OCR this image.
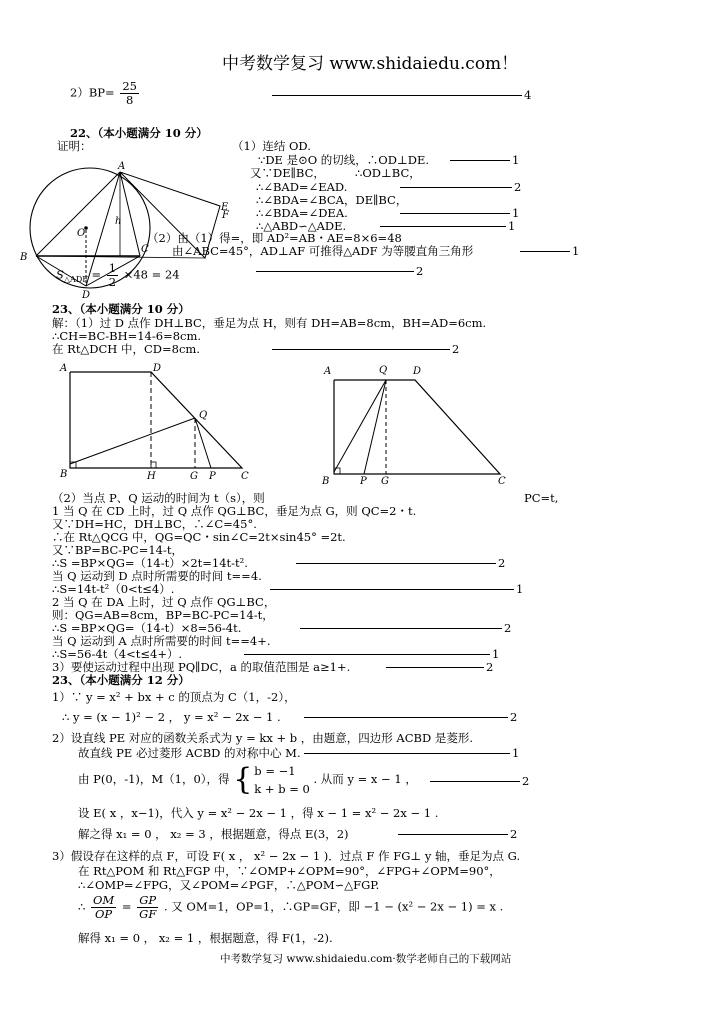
中考数学复习 www.shidaiedu.com！
$2)BP= \frac{25}{8}$	4
22、（本小题满分 10 分）
证明：	（1）连结 OD.
∵DE 是⊙O 的切线，∴OD⊥DE.	1
又∵DE∥BC，	∴OD⊥BC，
∴∠BAD=∠EAD.	2
∴∠BDA=∠BCA，DE∥BC，
∴∠BDA=∠DEA.	1
∴△ABD∽△ADE.	1
（2）由（1）得=，即 AD²=AB・AE=8×6=48
由∠ABC=45°，AD⊥AF 可推得△ADF 为等腰直角三角形	1
A
B
C
D
E
F
O
h
$S_{\triangle ADF} = \frac{1}{2} \times 48 = 24$	2
23、（本小题满分 10 分）
解：（1）过 D 点作 DH⊥BC，垂足为点 H，则有 DH=AB=8cm，BH=AD=6cm.
∴CH=BC-BH=14-6=8cm.
在 Rt△DCH 中，CD=8cm.	2
A	D
Q
B	H	G P	C
A	Q	D
B	P G	C
（2）当点 P、Q 运动的时间为 t（s），则	PC=t,
1 当 Q 在 CD 上时，过 Q 点作 QG⊥BC，垂足为点 G，则 QC=2・t.
又∵DH=HC，DH⊥BC，∴∠C=45°.
∴在 Rt△QCG 中，QG=QC・sin∠C=2t×sin45° =2t.
又∵BP=BC-PC=14-t，
∴S =BP×QG=（14-t）×2t=14t-t².	2
当 Q 运动到 D 点时所需要的时间 t==4.
∴S=14t-t²（0<t≤4）.	1
2 当 Q 在 DA 上时，过 Q 点作 QG⊥BC，
则：QG=AB=8cm，BP=BC-PC=14-t，
∴S =BP×QG=（14-t）×8=56-4t.	2
当 Q 运动到 A 点时所需要的时间 t==4+.
∴S=56-4t（4<t≤4+）.	1
3）要使运动过程中出现 PQ∥DC，a 的取值范围是 a≥1+.	2
23、（本小题满分 12 分）
1）∵ y = x² + bx + c 的顶点为 C（1，-2），
∴ y = (x − 1)² − 2 ， y = x² − 2x − 1 .	2
2）设直线 PE 对应的函数关系式为 y = kx + b ，由题意，四边形 ACBD 是菱形.
故直线 PE 必过菱形 ACBD 的对称中心 M.	1
由 P(0，-1)，M（1，0），得 { b = −1
k + b = 0
. 从而 y = x − 1 ，	2
设 E( x ，x−1)，代入 y = x² − 2x − 1 ，得 x − 1 = x² − 2x − 1 .
解之得 x₁ = 0 ， x₂ = 3 ，根据题意，得点 E(3，2)	2
3）假设存在这样的点 F，可设 F( x ， x² − 2x − 1 )．过点 F 作 FG⊥ y 轴，垂足为点 G.
在 Rt△POM 和 Rt△FGP 中，∵∠OMP+∠OPM=90°，∠FPG+∠OPM=90°，
∴∠OMP=∠FPG，又∠POM=∠PGF，∴△POM∽△FGP.
∴ $\frac{OM}{OP} = \frac{GP}{GF}$ . 又 OM=1，OP=1，∴GP=GF，即 −1 − (x² − 2x − 1) = x .
解得 x₁ = 0 ， x₂ = 1 ，根据题意，得 F(1，-2).
中考数学复习 www.shidaiedu.com·数学老师自己的下载网站
